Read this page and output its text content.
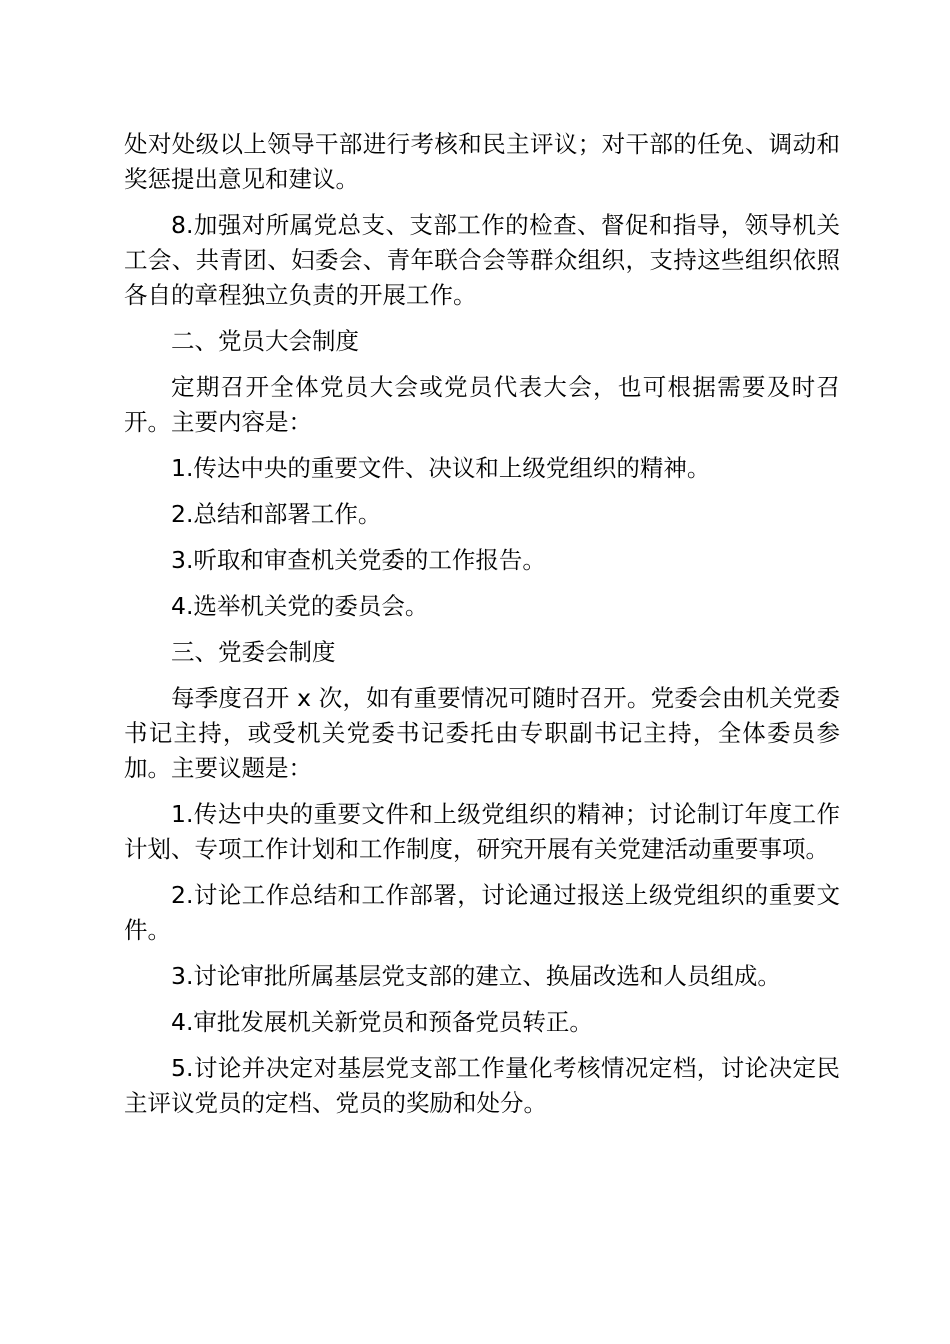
处对处级以上领导干部进行考核和民主评议；对干部的任免、调动和奖惩提出意见和建议。

8.加强对所属党总支、支部工作的检查、督促和指导，领导机关工会、共青团、妇委会、青年联合会等群众组织，支持这些组织依照各自的章程独立负责的开展工作。

二、党员大会制度

定期召开全体党员大会或党员代表大会，也可根据需要及时召开。主要内容是：

1.传达中央的重要文件、决议和上级党组织的精神。

2.总结和部署工作。

3.听取和审查机关党委的工作报告。

4.选举机关党的委员会。

三、党委会制度

每季度召开 x 次，如有重要情况可随时召开。党委会由机关党委书记主持，或受机关党委书记委托由专职副书记主持，全体委员参加。主要议题是：

1.传达中央的重要文件和上级党组织的精神；讨论制订年度工作计划、专项工作计划和工作制度，研究开展有关党建活动重要事项。

2.讨论工作总结和工作部署，讨论通过报送上级党组织的重要文件。

3.讨论审批所属基层党支部的建立、换届改选和人员组成。

4.审批发展机关新党员和预备党员转正。

5.讨论并决定对基层党支部工作量化考核情况定档，讨论决定民主评议党员的定档、党员的奖励和处分。
